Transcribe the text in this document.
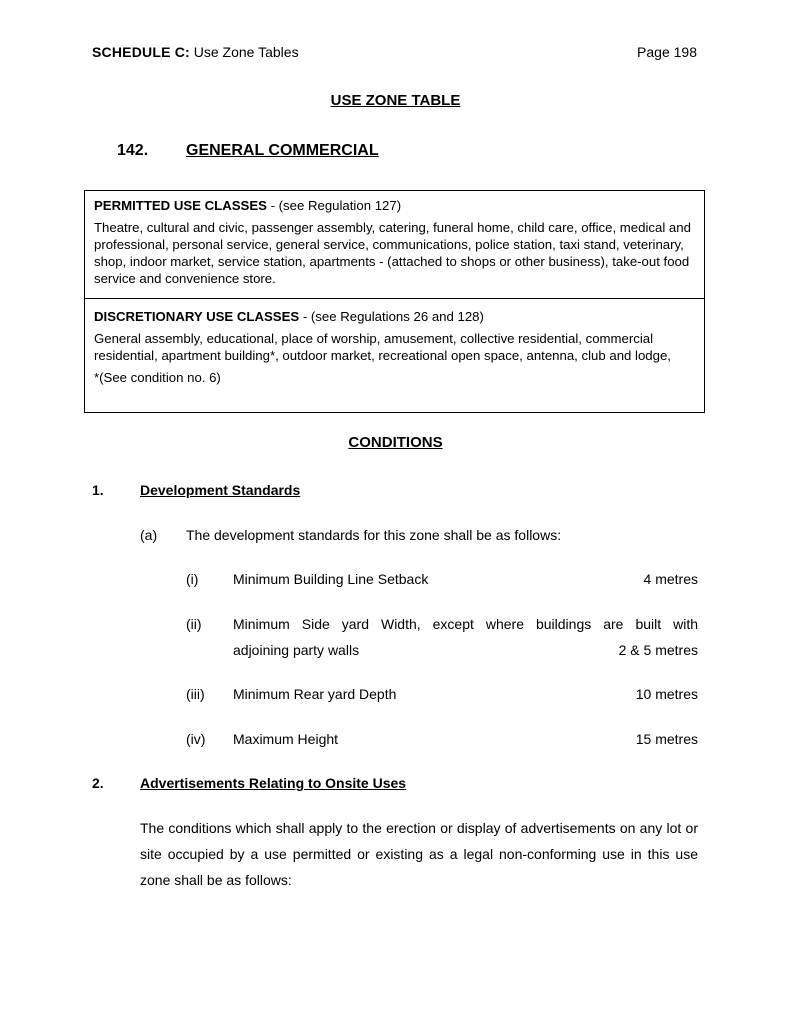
SCHEDULE C: Use Zone Tables	Page 198
USE ZONE TABLE
142. GENERAL COMMERCIAL
PERMITTED USE CLASSES - (see Regulation 127)
Theatre, cultural and civic, passenger assembly, catering, funeral home, child care, office, medical and professional, personal service, general service, communications, police station, taxi stand, veterinary, shop, indoor market, service station, apartments - (attached to shops or other business), take-out food service and convenience store.
DISCRETIONARY USE CLASSES - (see Regulations 26 and 128)
General assembly, educational, place of worship, amusement, collective residential, commercial residential, apartment building*, outdoor market, recreational open space, antenna, club and lodge,
*(See condition no. 6)
CONDITIONS
1.	Development Standards
(a) The development standards for this zone shall be as follows:
(i) Minimum Building Line Setback	4 metres
(ii) Minimum Side yard Width, except where buildings are built with
adjoining party walls	2 & 5 metres
(iii) Minimum Rear yard Depth	10 metres
(iv) Maximum Height	15 metres
2.	Advertisements Relating to Onsite Uses
The conditions which shall apply to the erection or display of advertisements on any lot or site occupied by a use permitted or existing as a legal non-conforming use in this use zone shall be as follows:
